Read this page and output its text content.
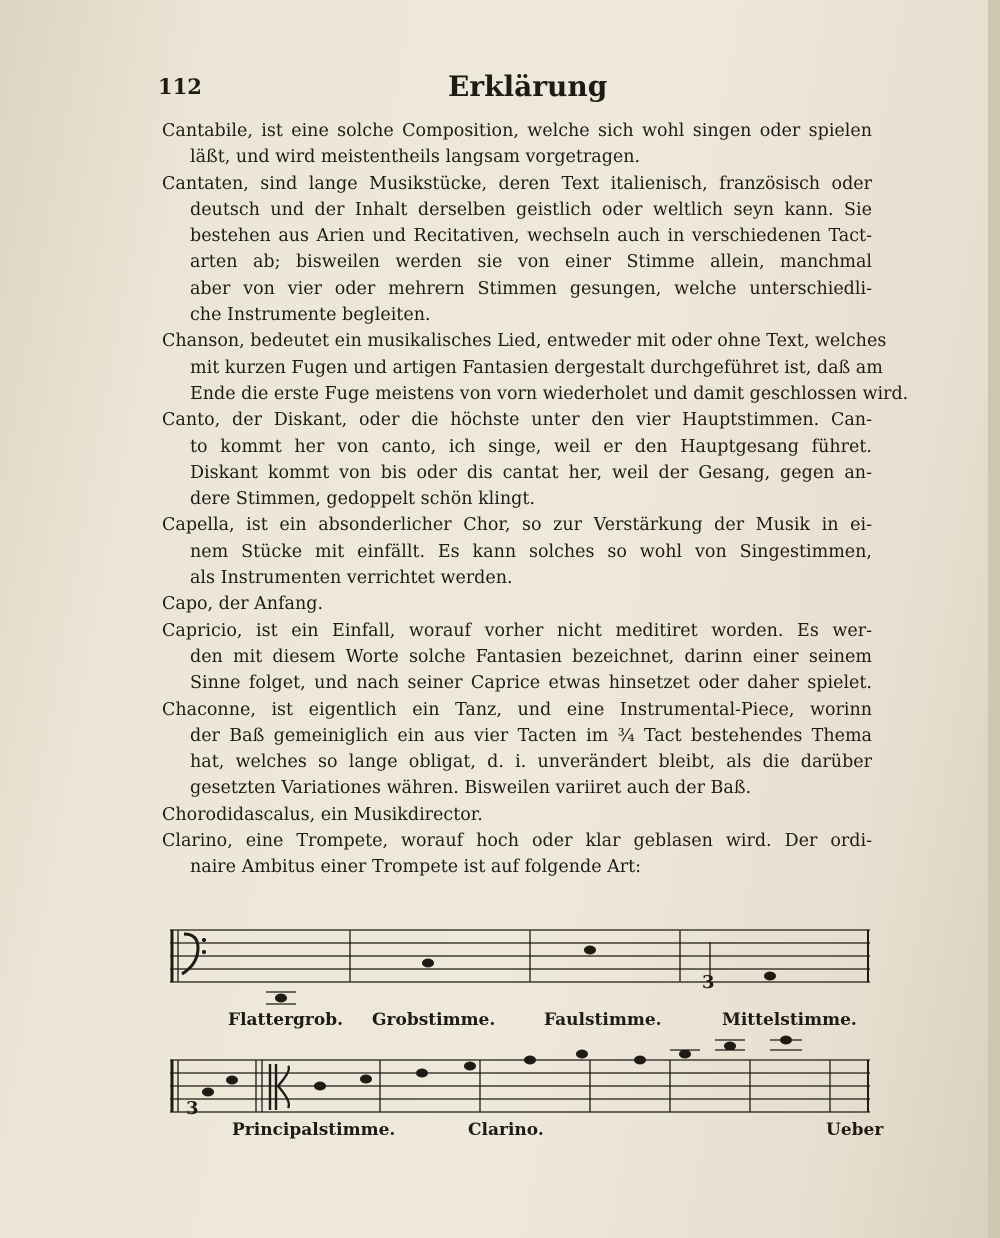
112	Erklärung
Cantabile, ist eine solche Composition, welche sich wohl singen oder spielen
läßt, und wird meistentheils langsam vorgetragen.
Cantaten, sind lange Musikstücke, deren Text italienisch, französisch oder
deutsch und der Inhalt derselben geistlich oder weltlich seyn kann. Sie
bestehen aus Arien und Recitativen, wechseln auch in verschiedenen Tact-
arten ab; bisweilen werden sie von einer Stimme allein, manchmal
aber von vier oder mehrern Stimmen gesungen, welche unterschiedli-
che Instrumente begleiten.
Chanson, bedeutet ein musikalisches Lied, entweder mit oder ohne Text, welches
mit kurzen Fugen und artigen Fantasien dergestalt durchgeführet ist, daß am
Ende die erste Fuge meistens von vorn wiederholet und damit geschlossen wird.
Canto, der Diskant, oder die höchste unter den vier Hauptstimmen. Can-
to kommt her von canto, ich singe, weil er den Hauptgesang führet.
Diskant kommt von bis oder dis cantat her, weil der Gesang, gegen an-
dere Stimmen, gedoppelt schön klingt.
Capella, ist ein absonderlicher Chor, so zur Verstärkung der Musik in ei-
nem Stücke mit einfällt. Es kann solches so wohl von Singestimmen,
als Instrumenten verrichtet werden.
Capo, der Anfang.
Capricio, ist ein Einfall, worauf vorher nicht meditiret worden. Es wer-
den mit diesem Worte solche Fantasien bezeichnet, darinn einer seinem
Sinne folget, und nach seiner Caprice etwas hinsetzet oder daher spielet.
Chaconne, ist eigentlich ein Tanz, und eine Instrumental-Piece, worinn
der Baß gemeiniglich ein aus vier Tacten im ¾ Tact bestehendes Thema
hat, welches so lange obligat, d. i. unverändert bleibt, als die darüber
gesetzten Variationes währen. Bisweilen variiret auch der Baß.
Chorodidascalus, ein Musikdirector.
Clarino, eine Trompete, worauf hoch oder klar geblasen wird. Der ordi-
naire Ambitus einer Trompete ist auf folgende Art:
3
Flattergrob. Grobstimme.	Faulstimme.	Mittelstimme.
3
Principalstimme.	Clarino.	Ueber
